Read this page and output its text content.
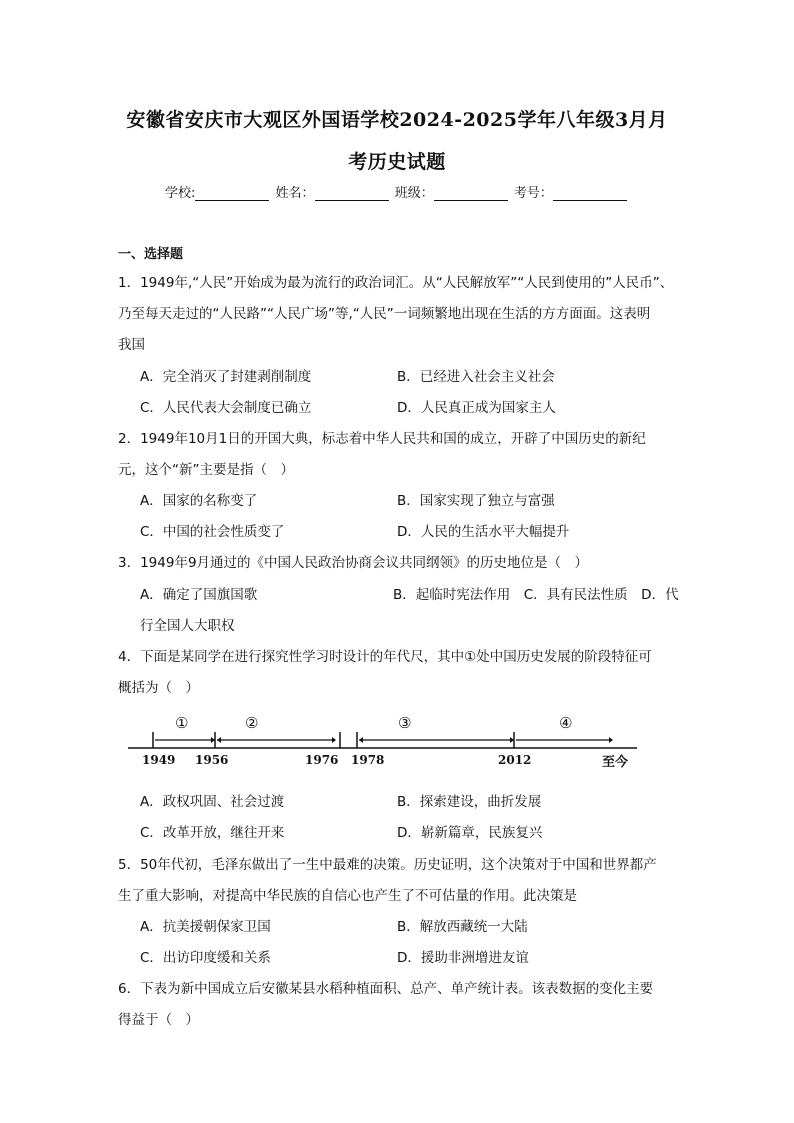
安徽省安庆市大观区外国语学校2024-2025学年八年级3月月
考历史试题
学校:	姓名：	班级：	考号：
一、选择题
1．1949年,“人民”开始成为最为流行的政治词汇。从“人民解放军”“人民到使用的”人民币”、
乃至每天走过的“人民路”“人民广场”等,“人民”一词频繁地出现在生活的方方面面。这表明
我国
A．完全消灭了封建剥削制度	B．已经进入社会主义社会
C．人民代表大会制度已确立	D．人民真正成为国家主人
2．1949年10月1日的开国大典，标志着中华人民共和国的成立，开辟了中国历史的新纪
元，这个“新”主要是指（　）
A．国家的名称变了	B．国家实现了独立与富强
C．中国的社会性质变了	D．人民的生活水平大幅提升
3．1949年9月通过的《中国人民政治协商会议共同纲领》的历史地位是（　）
A．确定了国旗国歌	B．起临时宪法作用　C．具有民法性质　D．代
行全国人大职权
4．下面是某同学在进行探究性学习时设计的年代尺，其中①处中国历史发展的阶段特征可
概括为（　）
①	②	③	④
1949 1956	1976 1978	2012	至今
A．政权巩固、社会过渡	B．探索建设，曲折发展
C．改革开放，继往开来	D．崭新篇章，民族复兴
5．50年代初，毛泽东做出了一生中最难的决策。历史证明，这个决策对于中国和世界都产
生了重大影响，对提高中华民族的自信心也产生了不可估量的作用。此决策是
A．抗美援朝保家卫国	B．解放西藏统一大陆
C．出访印度缓和关系	D．援助非洲增进友谊
6．下表为新中国成立后安徽某县水稻种植面积、总产、单产统计表。该表数据的变化主要
得益于（　）
